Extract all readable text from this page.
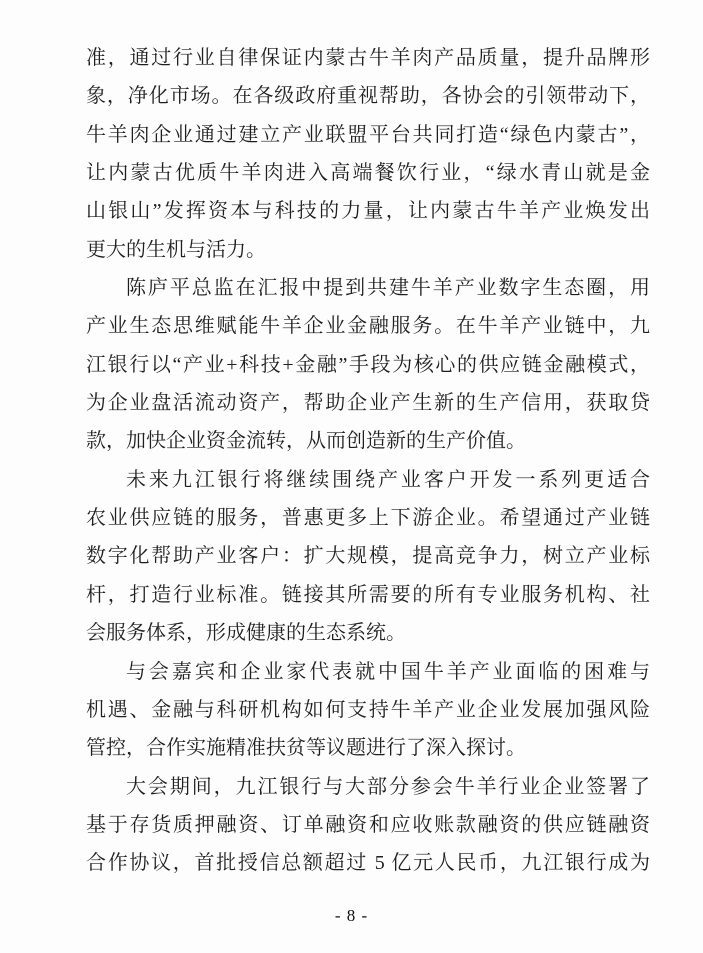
准，通过行业自律保证内蒙古牛羊肉产品质量，提升品牌形
象，净化市场。在各级政府重视帮助，各协会的引领带动下，
牛羊肉企业通过建立产业联盟平台共同打造“绿色内蒙古”，
让内蒙古优质牛羊肉进入高端餐饮行业，“绿水青山就是金
山银山”发挥资本与科技的力量，让内蒙古牛羊产业焕发出
更大的生机与活力。
陈庐平总监在汇报中提到共建牛羊产业数字生态圈，用
产业生态思维赋能牛羊企业金融服务。在牛羊产业链中，九
江银行以“产业+科技+金融”手段为核心的供应链金融模式，
为企业盘活流动资产，帮助企业产生新的生产信用，获取贷
款，加快企业资金流转，从而创造新的生产价值。
未来九江银行将继续围绕产业客户开发一系列更适合
农业供应链的服务，普惠更多上下游企业。希望通过产业链
数字化帮助产业客户：扩大规模，提高竞争力，树立产业标
杆，打造行业标准。链接其所需要的所有专业服务机构、社
会服务体系，形成健康的生态系统。
与会嘉宾和企业家代表就中国牛羊产业面临的困难与
机遇、金融与科研机构如何支持牛羊产业企业发展加强风险
管控，合作实施精准扶贫等议题进行了深入探讨。
大会期间，九江银行与大部分参会牛羊行业企业签署了
基于存货质押融资、订单融资和应收账款融资的供应链融资
合作协议，首批授信总额超过 5 亿元人民币，九江银行成为
- 8 -
